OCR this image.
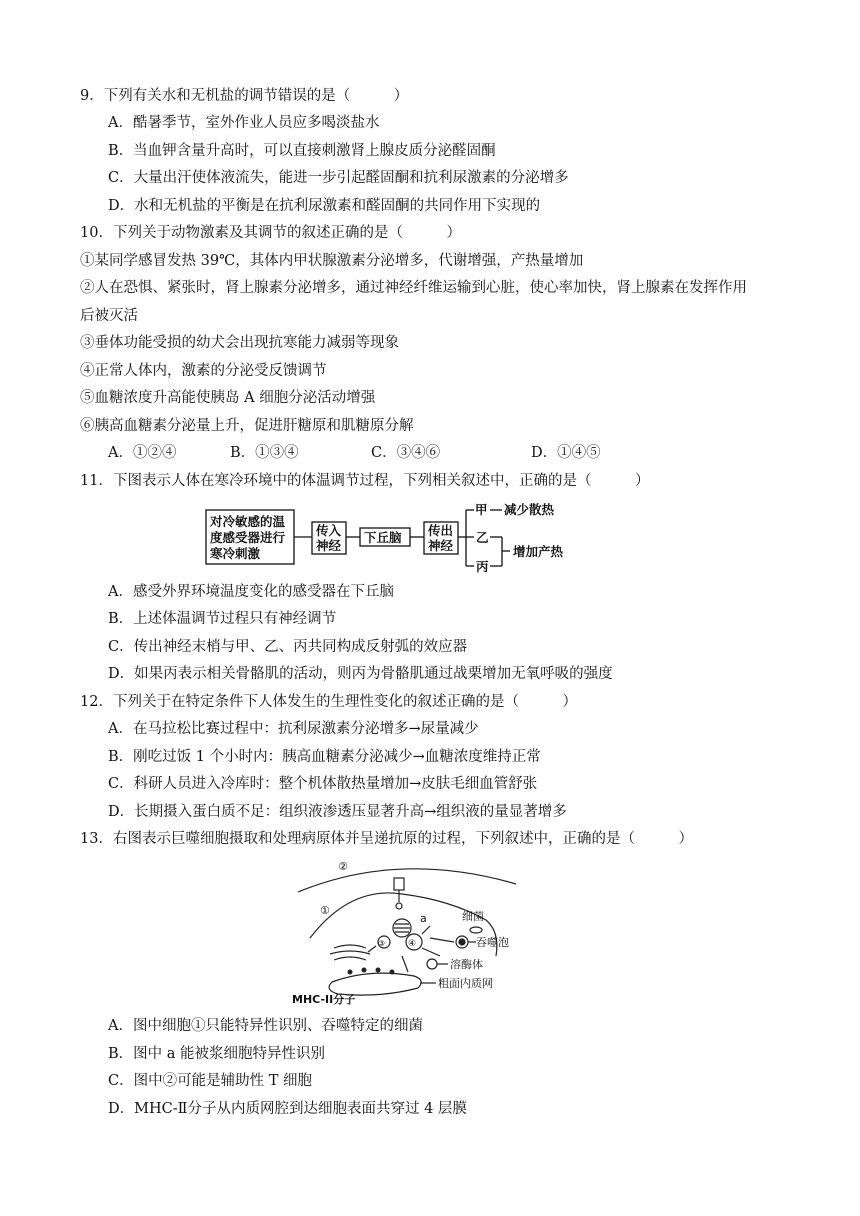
9．下列有关水和无机盐的调节错误的是（　　　）
A．酷暑季节，室外作业人员应多喝淡盐水
B．当血钾含量升高时，可以直接刺激肾上腺皮质分泌醛固酮
C．大量出汗使体液流失，能进一步引起醛固酮和抗利尿激素的分泌增多
D．水和无机盐的平衡是在抗利尿激素和醛固酮的共同作用下实现的
10．下列关于动物激素及其调节的叙述正确的是（　　　）
①某同学感冒发热 39℃，其体内甲状腺激素分泌增多，代谢增强，产热量增加
②人在恐惧、紧张时，肾上腺素分泌增多，通过神经纤维运输到心脏，使心率加快，肾上腺素在发挥作用
后被灭活
③垂体功能受损的幼犬会出现抗寒能力减弱等现象
④正常人体内，激素的分泌受反馈调节
⑤血糖浓度升高能使胰岛 A 细胞分泌活动增强
⑥胰高血糖素分泌量上升，促进肝糖原和肌糖原分解
A．①②④	B．①③④	C．③④⑥	D．①④⑤
11．下图表示人体在寒冷环境中的体温调节过程，下列相关叙述中，正确的是（　　　）
对冷敏感的温
度感受器进行
寒冷刺激
传入
神经
下丘脑 传出
神经
甲 减少散热
乙
丙
增加产热
A．感受外界环境温度变化的感受器在下丘脑
B．上述体温调节过程只有神经调节
C．传出神经末梢与甲、乙、丙共同构成反射弧的效应器
D．如果丙表示相关骨骼肌的活动，则丙为骨骼肌通过战栗增加无氧呼吸的强度
12．下列关于在特定条件下人体发生的生理性变化的叙述正确的是（　　　）
A．在马拉松比赛过程中：抗利尿激素分泌增多→尿量减少
B．刚吃过饭 1 个小时内：胰高血糖素分泌减少→血糖浓度维持正常
C．科研人员进入冷库时：整个机体散热量增加→皮肤毛细血管舒张
D．长期摄入蛋白质不足：组织液渗透压显著升高→组织液的量显著增多
13．右图表示巨噬细胞摄取和处理病原体并呈递抗原的过程，下列叙述中，正确的是（　　　）
②
①
a	细菌
吞噬泡
溶酶体
粗面内质网
MHC-II分子
③	④
A．图中细胞①只能特异性识别、吞噬特定的细菌
B．图中 a 能被浆细胞特异性识别
C．图中②可能是辅助性 T 细胞
D．MHC-Ⅱ分子从内质网腔到达细胞表面共穿过 4 层膜
